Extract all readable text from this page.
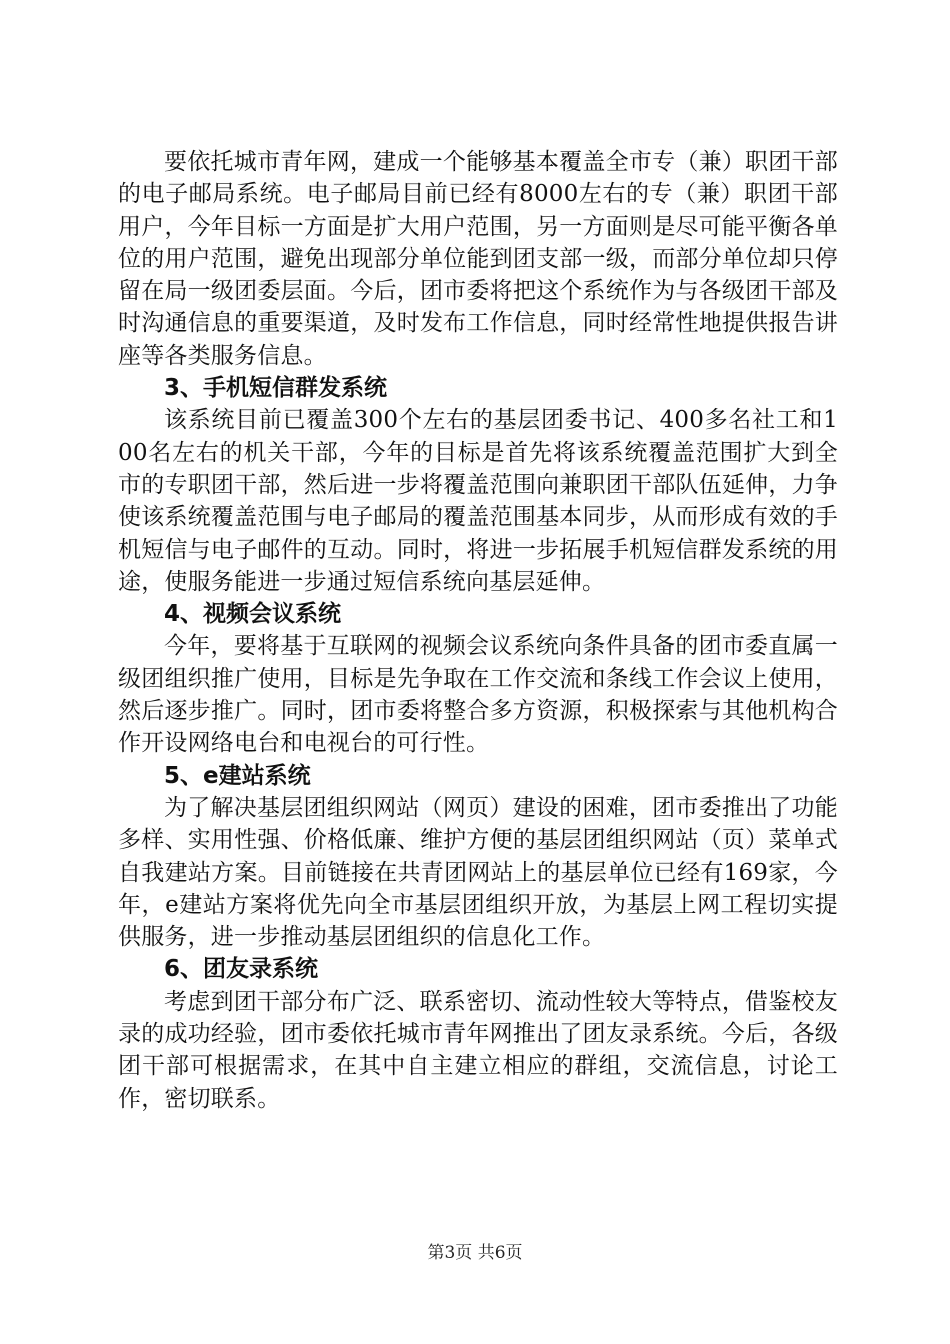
要依托城市青年网，建成一个能够基本覆盖全市专（兼）职团干部的电子邮局系统。电子邮局目前已经有8000左右的专（兼）职团干部用户，今年目标一方面是扩大用户范围，另一方面则是尽可能平衡各单位的用户范围，避免出现部分单位能到团支部一级，而部分单位却只停留在局一级团委层面。今后，团市委将把这个系统作为与各级团干部及时沟通信息的重要渠道，及时发布工作信息，同时经常性地提供报告讲座等各类服务信息。

3、手机短信群发系统

该系统目前已覆盖300个左右的基层团委书记、400多名社工和100名左右的机关干部，今年的目标是首先将该系统覆盖范围扩大到全市的专职团干部，然后进一步将覆盖范围向兼职团干部队伍延伸，力争使该系统覆盖范围与电子邮局的覆盖范围基本同步，从而形成有效的手机短信与电子邮件的互动。同时，将进一步拓展手机短信群发系统的用途，使服务能进一步通过短信系统向基层延伸。

4、视频会议系统

今年，要将基于互联网的视频会议系统向条件具备的团市委直属一级团组织推广使用，目标是先争取在工作交流和条线工作会议上使用，然后逐步推广。同时，团市委将整合多方资源，积极探索与其他机构合作开设网络电台和电视台的可行性。

5、e建站系统

为了解决基层团组织网站（网页）建设的困难，团市委推出了功能多样、实用性强、价格低廉、维护方便的基层团组织网站（页）菜单式自我建站方案。目前链接在共青团网站上的基层单位已经有169家，今年，e建站方案将优先向全市基层团组织开放，为基层上网工程切实提供服务，进一步推动基层团组织的信息化工作。

6、团友录系统

考虑到团干部分布广泛、联系密切、流动性较大等特点，借鉴校友录的成功经验，团市委依托城市青年网推出了团友录系统。今后，各级团干部可根据需求，在其中自主建立相应的群组，交流信息，讨论工作，密切联系。

第3页 共6页
